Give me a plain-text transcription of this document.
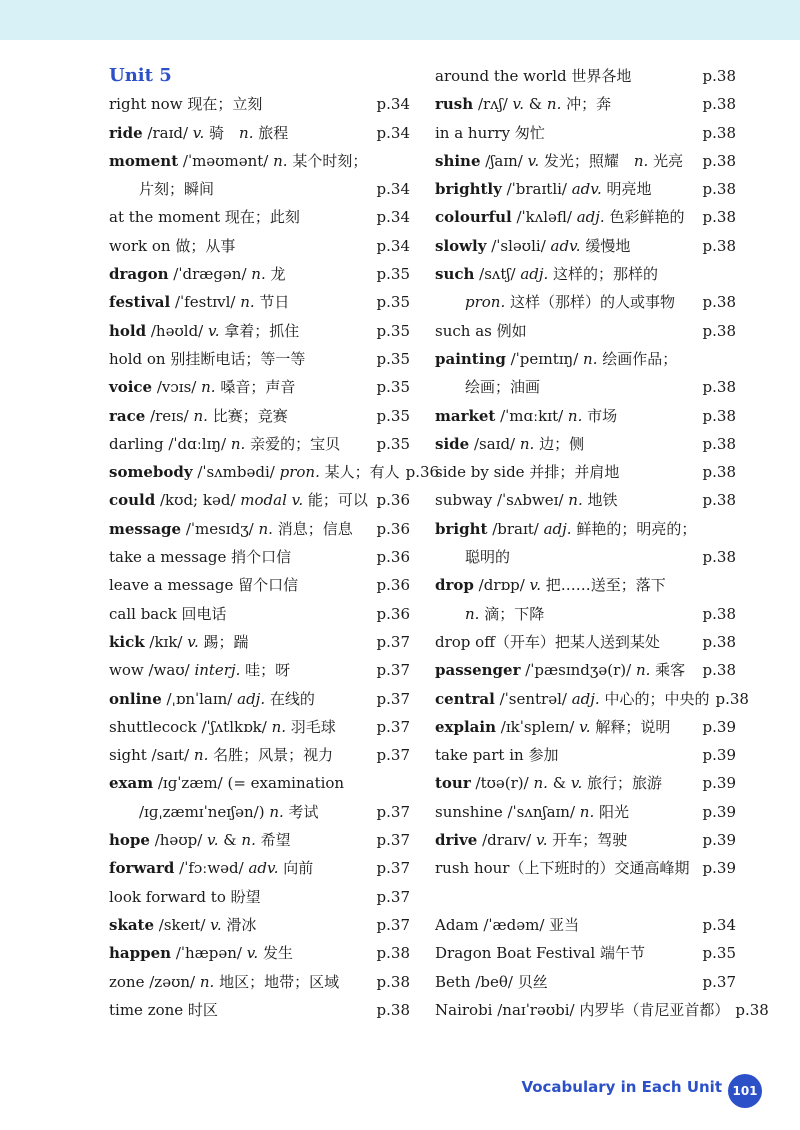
Unit 5
right now 现在；立刻	p.34
ride /raɪd/ v. 骑　n. 旅程	p.34
moment /ˈməʊmənt/ n. 某个时刻；
片刻；瞬间	p.34
at the moment 现在；此刻	p.34
work on 做；从事	p.34
dragon /ˈdrægən/ n. 龙	p.35
festival /ˈfestɪvl/ n. 节日	p.35
hold /həʊld/ v. 拿着；抓住	p.35
hold on 别挂断电话；等一等	p.35
voice /vɔɪs/ n. 嗓音；声音	p.35
race /reɪs/ n. 比赛；竞赛	p.35
darling /ˈdɑːlɪŋ/ n. 亲爱的；宝贝	p.35
somebody /ˈsʌmbədi/ pron. 某人；有人 p.36
could /kʊd; kəd/ modal v. 能；可以 p.36
message /ˈmesɪdʒ/ n. 消息；信息	p.36
take a message 捎个口信	p.36
leave a message 留个口信	p.36
call back 回电话	p.36
kick /kɪk/ v. 踢；踹	p.37
wow /waʊ/ interj. 哇；呀	p.37
online /ˌɒnˈlaɪn/ adj. 在线的	p.37
shuttlecock /ˈʃʌtlkɒk/ n. 羽毛球	p.37
sight /saɪt/ n. 名胜；风景；视力	p.37
exam /ɪɡˈzæm/ (= examination
/ɪɡˌzæmɪˈneɪʃən/) n. 考试	p.37
hope /həʊp/ v. & n. 希望	p.37
forward /ˈfɔːwəd/ adv. 向前	p.37
look forward to 盼望	p.37
skate /skeɪt/ v. 滑冰	p.37
happen /ˈhæpən/ v. 发生	p.38
zone /zəʊn/ n. 地区；地带；区域	p.38
time zone 时区	p.38
around the world 世界各地	p.38
rush /rʌʃ/ v. & n. 冲；奔	p.38
in a hurry 匆忙	p.38
shine /ʃaɪn/ v. 发光；照耀　n. 光亮	p.38
brightly /ˈbraɪtli/ adv. 明亮地	p.38
colourful /ˈkʌləfl/ adj. 色彩鲜艳的	p.38
slowly /ˈsləʊli/ adv. 缓慢地	p.38
such /sʌtʃ/ adj. 这样的；那样的
pron. 这样（那样）的人或事物	p.38
such as 例如	p.38
painting /ˈpeɪntɪŋ/ n. 绘画作品；
绘画；油画	p.38
market /ˈmɑːkɪt/ n. 市场	p.38
side /saɪd/ n. 边；侧	p.38
side by side 并排；并肩地	p.38
subway /ˈsʌbweɪ/ n. 地铁	p.38
bright /braɪt/ adj. 鲜艳的；明亮的；
聪明的	p.38
drop /drɒp/ v. 把……送至；落下
n. 滴；下降	p.38
drop off（开车）把某人送到某处	p.38
passenger /ˈpæsɪndʒə(r)/ n. 乘客	p.38
central /ˈsentrəl/ adj. 中心的；中央的 p.38
explain /ɪkˈspleɪn/ v. 解释；说明	p.39
take part in 参加	p.39
tour /tʊə(r)/ n. & v. 旅行；旅游	p.39
sunshine /ˈsʌnʃaɪn/ n. 阳光	p.39
drive /draɪv/ v. 开车；驾驶	p.39
rush hour（上下班时的）交通高峰期 p.39
Adam /ˈædəm/ 亚当	p.34
Dragon Boat Festival 端午节	p.35
Beth /beθ/ 贝丝	p.37
Nairobi /naɪˈrəʊbi/ 内罗毕（肯尼亚首都） p.38
Vocabulary in Each Unit 101
